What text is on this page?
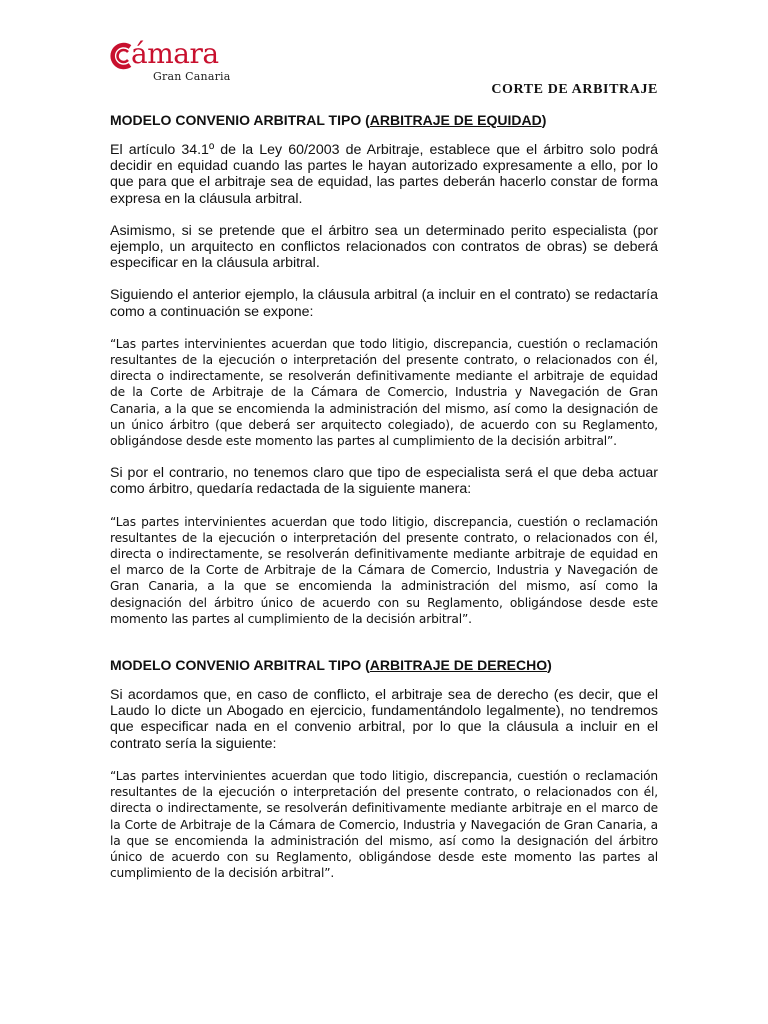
ámara
Gran Canaria
CORTE DE ARBITRAJE
MODELO CONVENIO ARBITRAL TIPO (ARBITRAJE DE EQUIDAD)

El artículo 34.1º de la Ley 60/2003 de Arbitraje, establece que el árbitro solo podrá decidir en equidad cuando las partes le hayan autorizado expresamente a ello, por lo que para que el arbitraje sea de equidad, las partes deberán hacerlo constar de forma expresa en la cláusula arbitral.

Asimismo, si se pretende que el árbitro sea un determinado perito especialista (por ejemplo, un arquitecto en conflictos relacionados con contratos de obras) se deberá especificar en la cláusula arbitral.

Siguiendo el anterior ejemplo, la cláusula arbitral (a incluir en el contrato) se redactaría como a continuación se expone:

“Las partes intervinientes acuerdan que todo litigio, discrepancia, cuestión o reclamación resultantes de la ejecución o interpretación del presente contrato, o relacionados con él, directa o indirectamente, se resolverán definitivamente mediante el arbitraje de equidad de la Corte de Arbitraje de la Cámara de Comercio, Industria y Navegación de Gran Canaria, a la que se encomienda la administración del mismo, así como la designación de un único árbitro (que deberá ser arquitecto colegiado), de acuerdo con su Reglamento, obligándose desde este momento las partes al cumplimiento de la decisión arbitral”.

Si por el contrario, no tenemos claro que tipo de especialista será el que deba actuar como árbitro, quedaría redactada de la siguiente manera:

“Las partes intervinientes acuerdan que todo litigio, discrepancia, cuestión o reclamación resultantes de la ejecución o interpretación del presente contrato, o relacionados con él, directa o indirectamente, se resolverán definitivamente mediante arbitraje de equidad en el marco de la Corte de Arbitraje de la Cámara de Comercio, Industria y Navegación de Gran Canaria, a la que se encomienda la administración del mismo, así como la designación del árbitro único de acuerdo con su Reglamento, obligándose desde este momento las partes al cumplimiento de la decisión arbitral”.

MODELO CONVENIO ARBITRAL TIPO (ARBITRAJE DE DERECHO)

Si acordamos que, en caso de conflicto, el arbitraje sea de derecho (es decir, que el Laudo lo dicte un Abogado en ejercicio, fundamentándolo legalmente), no tendremos que especificar nada en el convenio arbitral, por lo que la cláusula a incluir en el contrato sería la siguiente:

“Las partes intervinientes acuerdan que todo litigio, discrepancia, cuestión o reclamación resultantes de la ejecución o interpretación del presente contrato, o relacionados con él, directa o indirectamente, se resolverán definitivamente mediante arbitraje en el marco de la Corte de Arbitraje de la Cámara de Comercio, Industria y Navegación de Gran Canaria, a la que se encomienda la administración del mismo, así como la designación del árbitro único de acuerdo con su Reglamento, obligándose desde este momento las partes al cumplimiento de la decisión arbitral”.
